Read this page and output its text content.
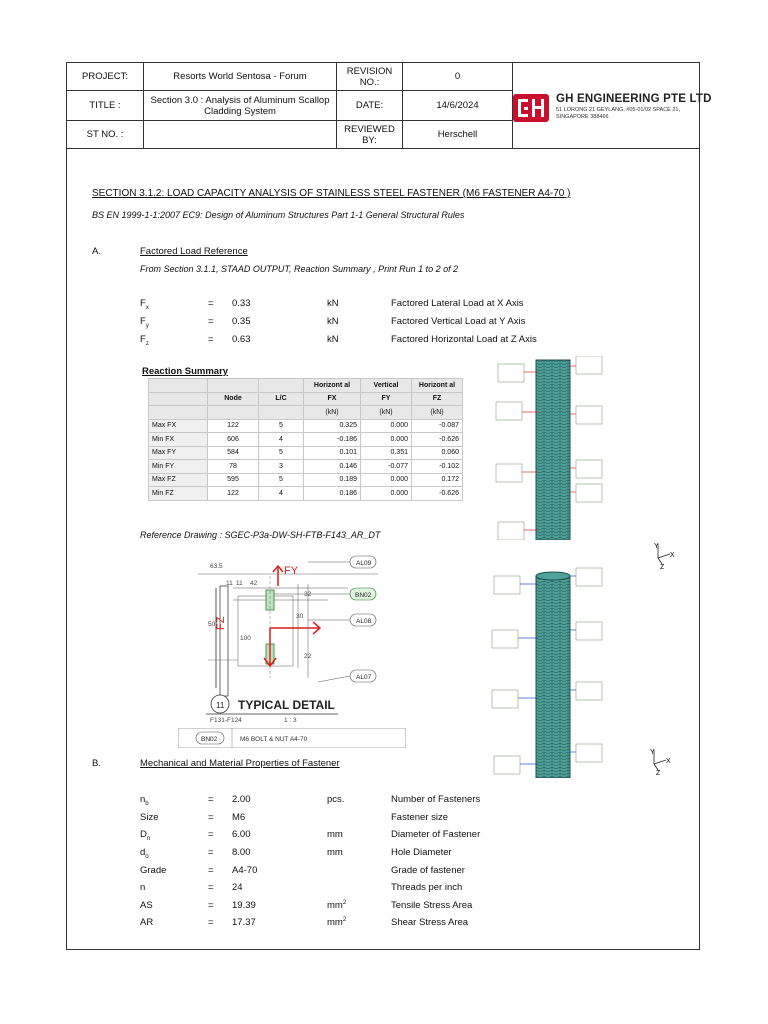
PROJECT:	Resorts World Sentosa - Forum	REVISION NO.:	0
TITLE :	Section 3.0 : Analysis of Aluminum Scallop Cladding System	DATE:	14/6/2024
ST NO. :		REVIEWED BY:	Herschell
GH ENGINEERING PTE LTD
51 LORONG 21 GEYLANG, #05-01/02 SPACE 21, SINGAPORE 388466
SECTION 3.1.2: LOAD CAPACITY ANALYSIS OF STAINLESS STEEL FASTENER (M6 FASTENER A4-70 )
BS EN 1999-1-1:2007 EC9: Design of Aluminum Structures Part 1-1 General Structural Rules
A.	Factored Load Reference
From Section 3.1.1, STAAD OUTPUT, Reaction Summary , Print Run 1 to 2 of 2
$F_x$	= 0.33	kN	Factored Lateral Load at X Axis
$F_y$	= 0.35	kN	Factored Vertical Load at Y Axis
$F_z$	= 0.63	kN	Factored Horizontal Load at Z Axis
Reaction Summary
			Horizont al	Vertical	Horizont al
	Node	L/C	FX	FY	FZ
			(kN)	(kN)	(kN)
Max FX	122	5	0.325	0.000	-0.087
Min FX	606	4	-0.186	0.000	-0.626
Max FY	584	5	0.101	0.351	0.060
Min FY	78	3	0.146	-0.077	-0.102
Max FZ	595	5	0.189	0.000	0.172
Min FZ	122	4	0.186	0.000	-0.626
Reference Drawing : SGEC-P3a-DW-SH-FTB-F143_AR_DT
FY
FZ
63.5
11 11 42
32
30
100
22
50
AL09
BN02
AL08
AL07
11 TYPICAL DETAIL
F131-F124	1 : 3
BN02	M6 BOLT & NUT A4-70
Y
X
Z
Y
X
Z
B.	Mechanical and Material Properties of Fastener
$n_b$	= 2.00	pcs.	Number of Fasteners
Size	= M6	Fastener size
$D_n$	= 6.00	mm	Diameter of Fastener
$d_o$	= 8.00	mm	Hole Diameter
Grade	= A4-70	Grade of fastener
n	= 24	Threads per inch
AS	= 19.39	$mm^2$	Tensile Stress Area
AR	= 17.37	$mm^2$	Shear Stress Area
